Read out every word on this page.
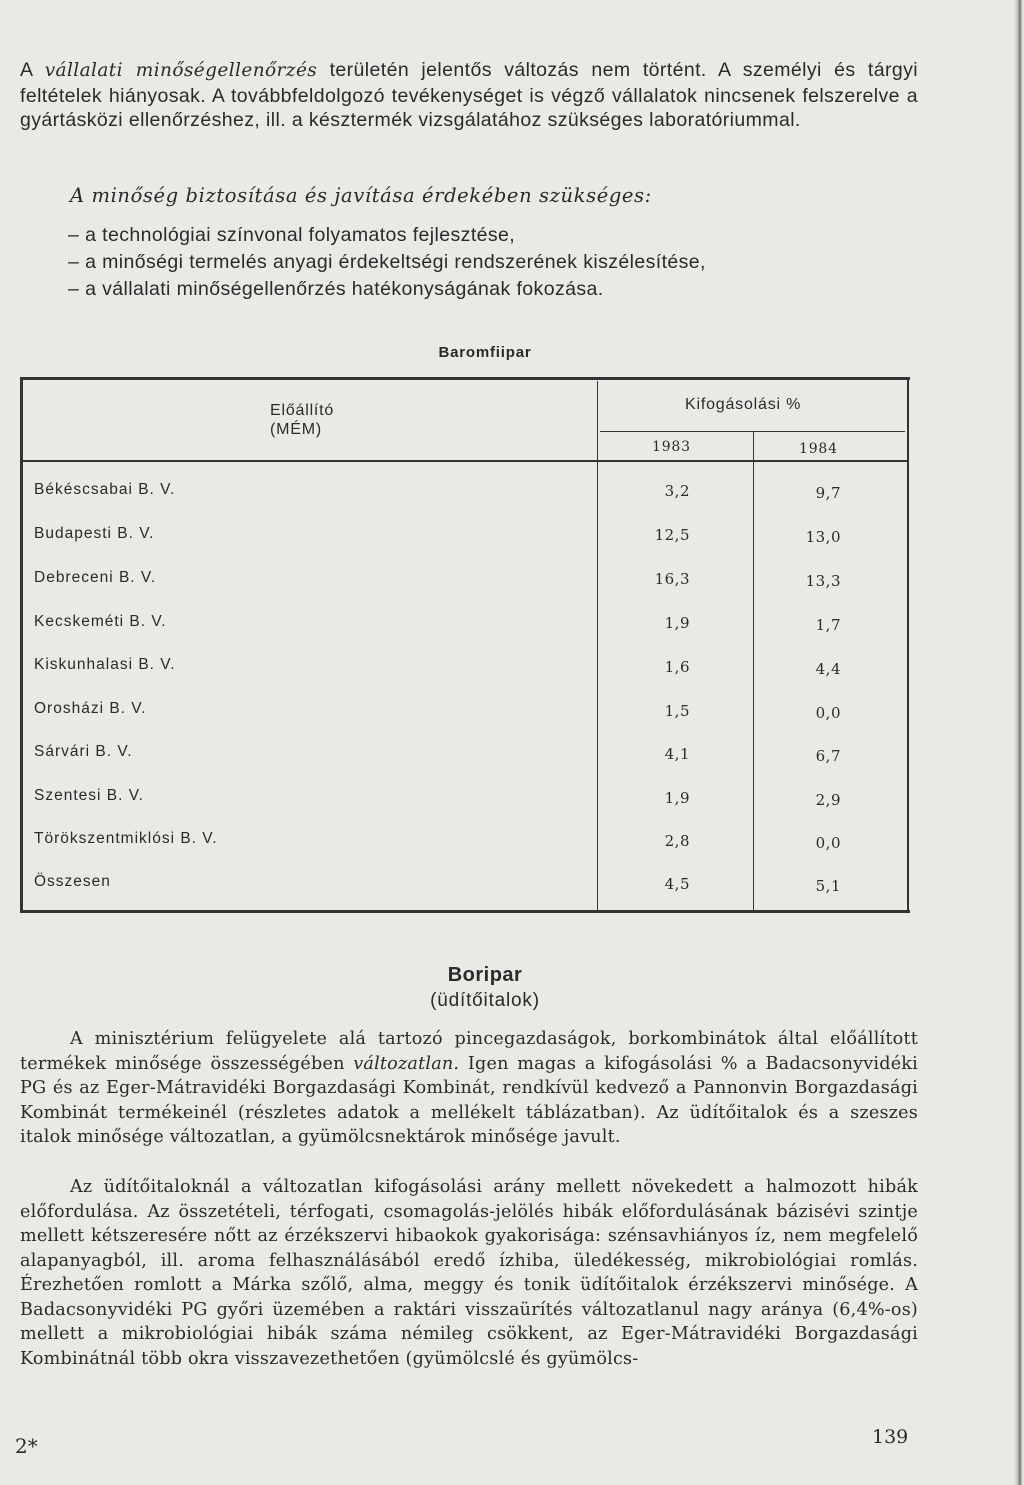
A vállalati minőségellenőrzés területén jelentős változás nem történt. A személyi és tárgyi feltételek hiányosak. A továbbfeldolgozó tevékenységet is végző vállalatok nincsenek felszerelve a gyártásközi ellenőrzéshez, ill. a késztermék vizsgálatához szükséges laboratóriummal.

A minőség biztosítása és javítása érdekében szükséges:
– a technológiai színvonal folyamatos fejlesztése,
– a minőségi termelés anyagi érdekeltségi rendszerének kiszélesítése,
– a vállalati minőségellenőrzés hatékonyságának fokozása.
Baromfiipar
Előállító
(MÉM)
Kifogásolási %
1983	1984
Békéscsabai B. V.	3,2	9,7
Budapesti B. V.	12,5	13,0
Debreceni B. V.	16,3	13,3
Kecskeméti B. V.	1,9	1,7
Kiskunhalasi B. V.	1,6	4,4
Orosházi B. V.	1,5	0,0
Sárvári B. V.	4,1	6,7
Szentesi B. V.	1,9	2,9
Törökszentmiklósi B. V.	2,8	0,0
Összesen	4,5	5,1
Boripar
(üdítőitalok)

A minisztérium felügyelete alá tartozó pincegazdaságok, borkombinátok által előállított termékek minősége összességében változatlan. Igen magas a kifogásolási % a Badacsonyvidéki PG és az Eger-Mátravidéki Borgazdasági Kombinát, rendkívül kedvező a Pannonvin Borgazdasági Kombinát termékeinél (részletes adatok a mellékelt táblázatban). Az üdítőitalok és a szeszes italok minősége változatlan, a gyümölcsnektárok minősége javult.

Az üdítőitaloknál a változatlan kifogásolási arány mellett növekedett a halmozott hibák előfordulása. Az összetételi, térfogati, csomagolás-jelölés hibák előfordulásának bázisévi szintje mellett kétszeresére nőtt az érzékszervi hibaokok gyakorisága: szénsavhiányos íz, nem megfelelő alapanyagból, ill. aroma felhasználásából eredő ízhiba, üledékesség, mikrobiológiai romlás. Érezhetően romlott a Márka szőlő, alma, meggy és tonik üdítőitalok érzékszervi minősége. A Badacsonyvidéki PG győri üzemében a raktári visszaürítés változatlanul nagy aránya (6,4%-os) mellett a mikrobiológiai hibák száma némileg csökkent, az Eger-Mátravidéki Borgazdasági Kombinátnál több okra visszavezethetően (gyümölcslé és gyümölcs-

2*	139
